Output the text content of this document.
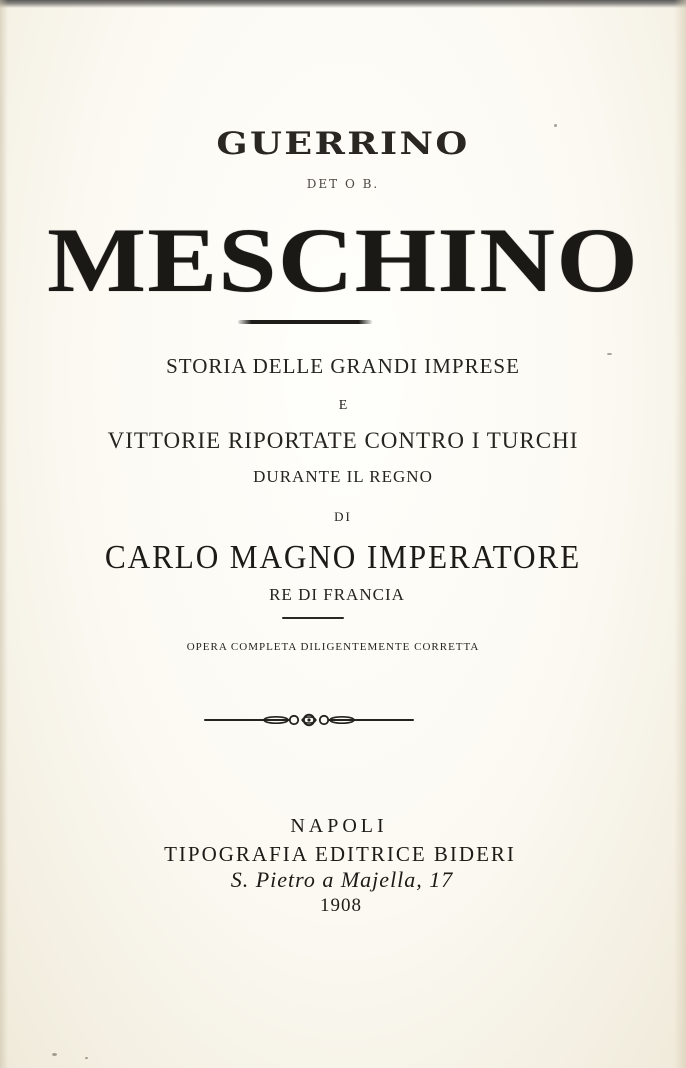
GUERRINO
DET O B.
MESCHINO
STORIA DELLE GRANDI IMPRESE
E
VITTORIE RIPORTATE CONTRO I TURCHI
DURANTE IL REGNO
DI
CARLO MAGNO IMPERATORE
RE DI FRANCIA
OPERA COMPLETA DILIGENTEMENTE CORRETTA
NAPOLI
TIPOGRAFIA EDITRICE BIDERI
S. Pietro a Majella, 17
1908
